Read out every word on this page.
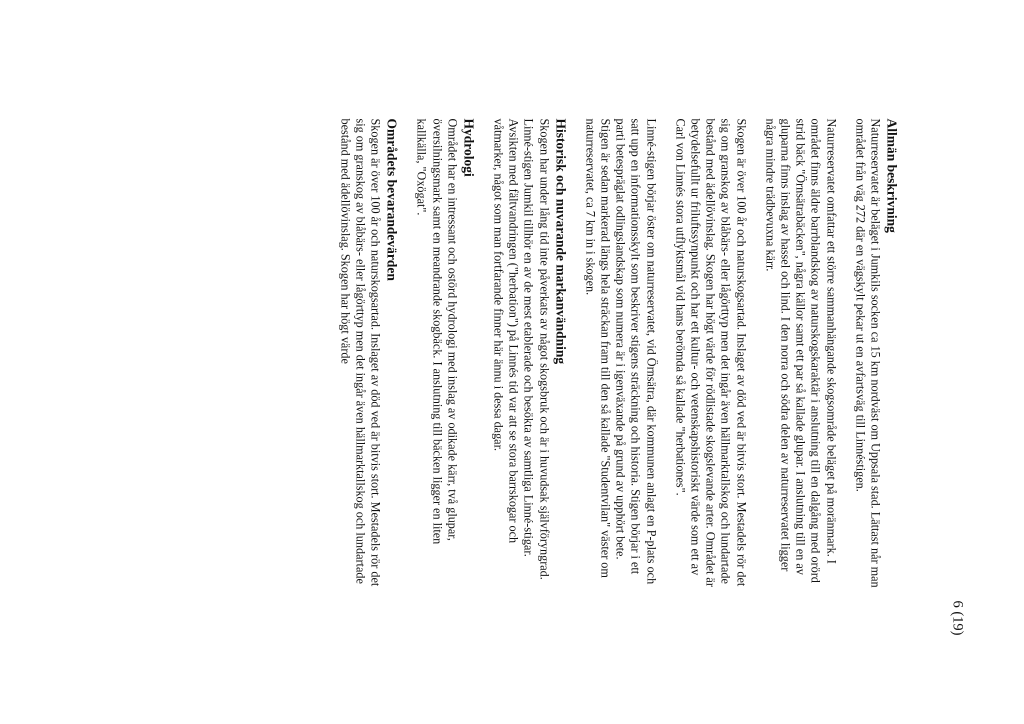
6 (19)
Allmän beskrivning

Naturreservatet är beläget i Jumkils socken ca 15 km nordväst om Uppsala stad. Lättast når man området från väg 272 där en vägskylt pekar ut en avfartsväg till Linnéstigen.

Naturreservatet omfattar ett större sammanhängande skogsområde beläget på moränmark. I området finns äldre barrblandskog av naturskogskaraktär i anslutning till en dalgång med orörd strid bäck "Örnsätrabäcken", några källor samt ett par så kallade glupar. I anslutning till en av gluparna finns inslag av hassel och lind. I den norra och södra delen av naturreservatet ligger några mindre trädbevuxna kärr.

Skogen är över 100 år och naturskogsartad. Inslaget av död ved är bitvis stort. Mestadels rör det sig om granskog av blåbärs- eller lågörttyp men det ingår även hällmarktallskog och lundartade bestånd med ädellövinslag. Skogen har högt värde för rödlistade skogslevande arter. Området är betydelsefullt ur friluftssynpunkt och har ett kultur- och vetenskapshistoriskt värde som ett av Carl von Linnés stora utflyktsmål vid hans berömda så kallade "herbationes".

Linné-stigen börjar öster om naturreservatet, vid Örnsätra, där kommunen anlagt en P-plats och satt upp en informationsskylt som beskriver stigens sträckning och historia. Stigen börjar i ett parti betespräglat odlingslandskap som numera är i igenväxande på grund av upphört bete. Stigen är sedan markerad längs hela sträckan fram till den så kallade "Studentvilan" väster om naturreservatet, ca 7 km in i skogen.

Historisk och nuvarande markanvändning

Skogen har under lång tid inte påverkats av något skogsbruk och är i huvudsak självföryngrad. Linné-stigen Jumkil tillhör en av de mest etablerade och besökta av samtliga Linné-stigar. Avsikten med fältvandringen ("herbation") på Linnés tid var att se stora barrskogar och våtmarker, något som man fortfarande finner här ännu i dessa dagar.

Hydrologi

Området har en intressant och ostörd hydrologi med inslag av odikade kärr, två glupar, översilningsmark samt en meandrande skogbäck. I anslutning till bäcken ligger en liten kallkälla, "Oxögat".

Områdets bevarandevärden

Skogen är över 100 år och naturskogsartad. Inslaget av död ved är bitvis stort. Mestadels rör det sig om granskog av blåbärs- eller lågörttyp men det ingår även hällmarktallskog och lundartade bestånd med ädellövinslag. Skogen har högt värde
